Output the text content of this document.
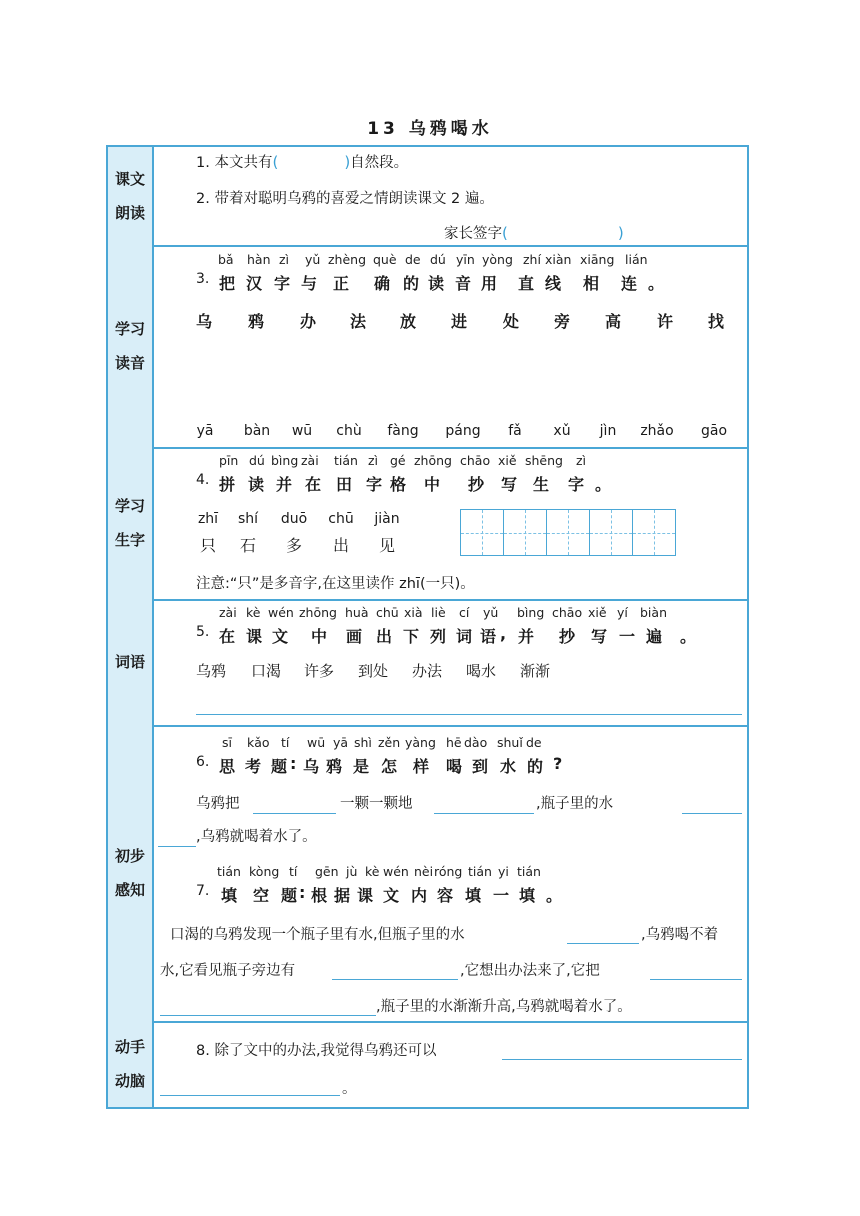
13 乌鸦喝水
课文朗读
1. 本文共有(	)自然段。
2. 带着对聪明乌鸦的喜爱之情朗读课文 2 遍。
家长签字(	)
学习读音
bǎ hàn zì yǔ zhèng què de dú yīn yòng zhí xiàn xiāng lián
3. 把 汉 字 与 正 确 的 读 音 用 直 线 相 连 。
乌 鸦 办 法 放 进 处 旁 高 许 找
yā	bàn	wū	chù	fàng	páng	fǎ	xǔ	jìn	zhǎo	gāo
学习生字
pīn dú bìng zài tián zì gé zhōng chāo xiě shēng zì
4. 拼 读 并 在 田 字 格 中 抄 写 生 字 。
zhī	shí	duō	chū	jiàn
只 石 多 出 见
注意:“只”是多音字,在这里读作 zhī(一只)。
词语
zài kè wén zhōng huà chū xià liè cí yǔ bìng chāo xiě yí biàn
5. 在 课 文 中 画 出 下 列 词 语 , 并 抄 写 一 遍 。
乌鸦 口渴 许多 到处 办法 喝水 渐渐
初步感知
sī kǎo tí wū yā shì zěn yàng hē dào shuǐ de
6. 思 考 题 : 乌 鸦 是 怎 样 喝 到 水 的 ?
乌鸦把	一颗一颗地	,瓶子里的水
,乌鸦就喝着水了。
tián kòng tí gēn jù kè wén nèi róng tián yi tián
7. 填 空 题 : 根 据 课 文 内 容 填 一 填 。
口渴的乌鸦发现一个瓶子里有水,但瓶子里的水	,乌鸦喝不着
水,它看见瓶子旁边有	,它想出办法来了,它把
,瓶子里的水渐渐升高,乌鸦就喝着水了。
动手动脑
8. 除了文中的办法,我觉得乌鸦还可以
。
